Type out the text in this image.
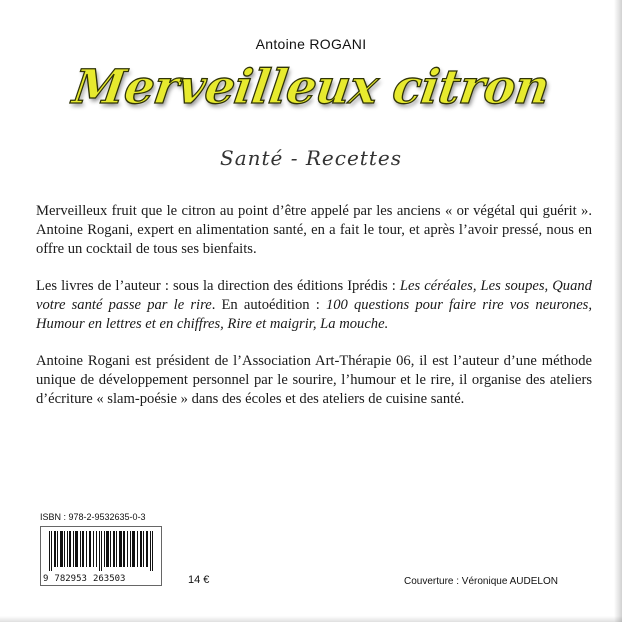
Antoine ROGANI
Merveilleux citron
Santé - Recettes

Merveilleux fruit que le citron au point d’être appelé par les anciens « or végétal qui guérit ». Antoine Rogani, expert en alimentation santé, en a fait le tour, et après l’avoir pressé, nous en offre un cocktail de tous ses bienfaits.

Les livres de l’auteur : sous la direction des éditions Iprédis : Les céréales, Les soupes, Quand votre santé passe par le rire. En autoédition : 100 questions pour faire rire vos neurones, Humour en lettres et en chiffres, Rire et maigrir, La mouche.

Antoine Rogani est président de l’Association Art-Thérapie 06, il est l’auteur d’une méthode unique de développement personnel par le sourire, l’humour et le rire, il organise des ateliers d’écriture « slam-poésie » dans des écoles et des ateliers de cuisine santé.

ISBN : 978-2-9532635-0-3
9 782953 263503	14 €	Couverture : Véronique AUDELON
